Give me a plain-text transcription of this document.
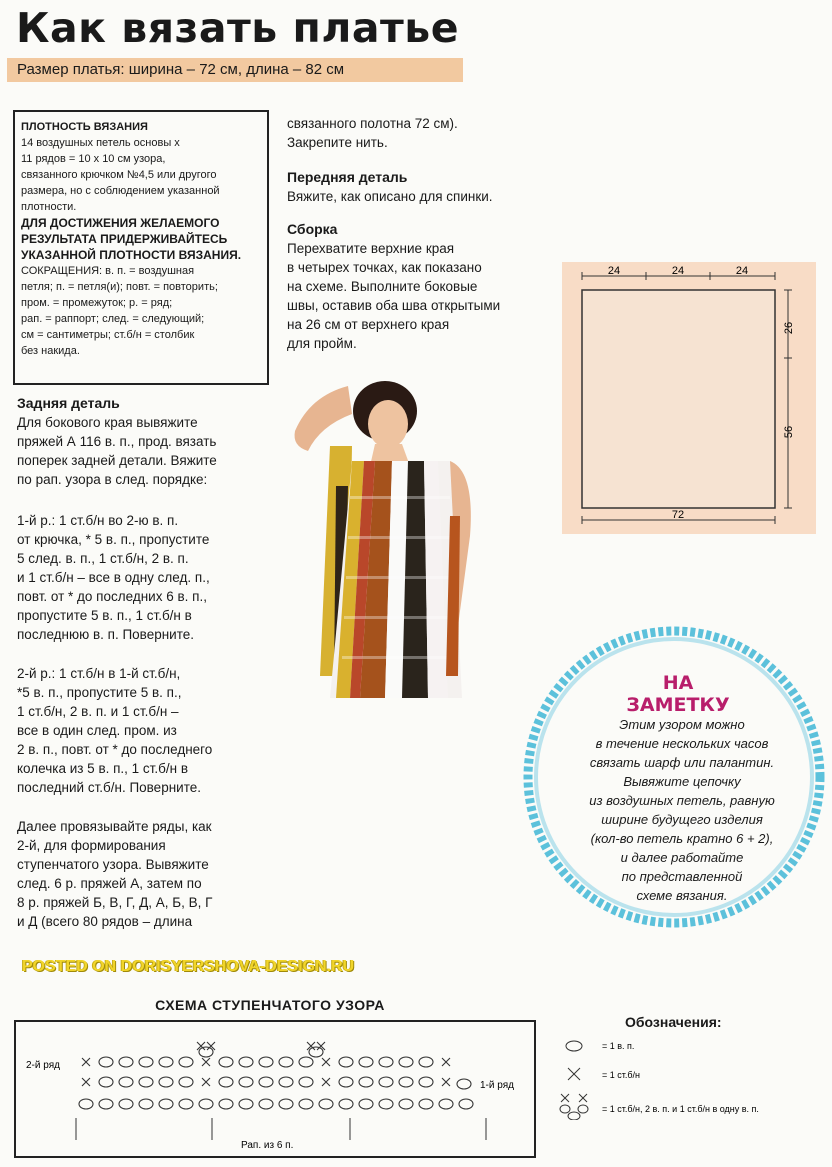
Как вязать платье
Размер платья: ширина – 72 см, длина – 82 см
ПЛОТНОСТЬ ВЯЗАНИЯ
14 воздушных петель основы х
11 рядов = 10 х 10 см узора,
связанного крючком №4,5 или другого
размера, но с соблюдением указанной
плотности.
ДЛЯ ДОСТИЖЕНИЯ ЖЕЛАЕМОГО
РЕЗУЛЬТАТА ПРИДЕРЖИВАЙТЕСЬ
УКАЗАННОЙ ПЛОТНОСТИ ВЯЗАНИЯ.
СОКРАЩЕНИЯ: в. п. = воздушная
петля; п. = петля(и); повт. = повторить;
пром. = промежуток; р. = ряд;
рап. = раппорт; след. = следующий;
см = сантиметры; ст.б/н = столбик
без накида.
Задняя деталь
Для бокового края вывяжите
пряжей А 116 в. п., прод. вязать
поперек задней детали. Вяжите
по рап. узора в след. порядке:
1-й р.: 1 ст.б/н во 2-ю в. п.
от крючка, * 5 в. п., пропустите
5 след. в. п., 1 ст.б/н, 2 в. п.
и 1 ст.б/н – все в одну след. п.,
повт. от * до последних 6 в. п.,
пропустите 5 в. п., 1 ст.б/н в
последнюю в. п. Поверните.
2-й р.: 1 ст.б/н в 1-й ст.б/н,
*5 в. п., пропустите 5 в. п.,
1 ст.б/н, 2 в. п. и 1 ст.б/н –
все в один след. пром. из
2 в. п., повт. от * до последнего
колечка из 5 в. п., 1 ст.б/н в
последний ст.б/н. Поверните.
Далее провязывайте ряды, как
2-й, для формирования
ступенчатого узора. Вывяжите
след. 6 р. пряжей А, затем по
8 р. пряжей Б, В, Г, Д, А, Б, В, Г
и Д (всего 80 рядов – длина
связанного полотна 72 см).
Закрепите нить.
Передняя деталь
Вяжите, как описано для спинки.
Сборка
Перехватите верхние края
в четырех точках, как показано
на схеме. Выполните боковые
швы, оставив оба шва открытыми
на 26 см от верхнего края
для пройм.
24	24	24
26
56
72
НА ЗАМЕТКУ
Этим узором можно
в течение нескольких часов
связать шарф или палантин.
Вывяжите цепочку
из воздушных петель, равную
ширине будущего изделия
(кол-во петель кратно 6 + 2),
и далее работайте
по представленной
схеме вязания.
POSTED ON DORISYERSHOVA-DESIGN.RU
СХЕМА СТУПЕНЧАТОГО УЗОРА
2-й ряд
1-й ряд
Рап. из 6 п.
Обозначения:
= 1 в. п.
= 1 ст.б/н
= 1 ст.б/н, 2 в. п. и 1 ст.б/н в одну в. п.
